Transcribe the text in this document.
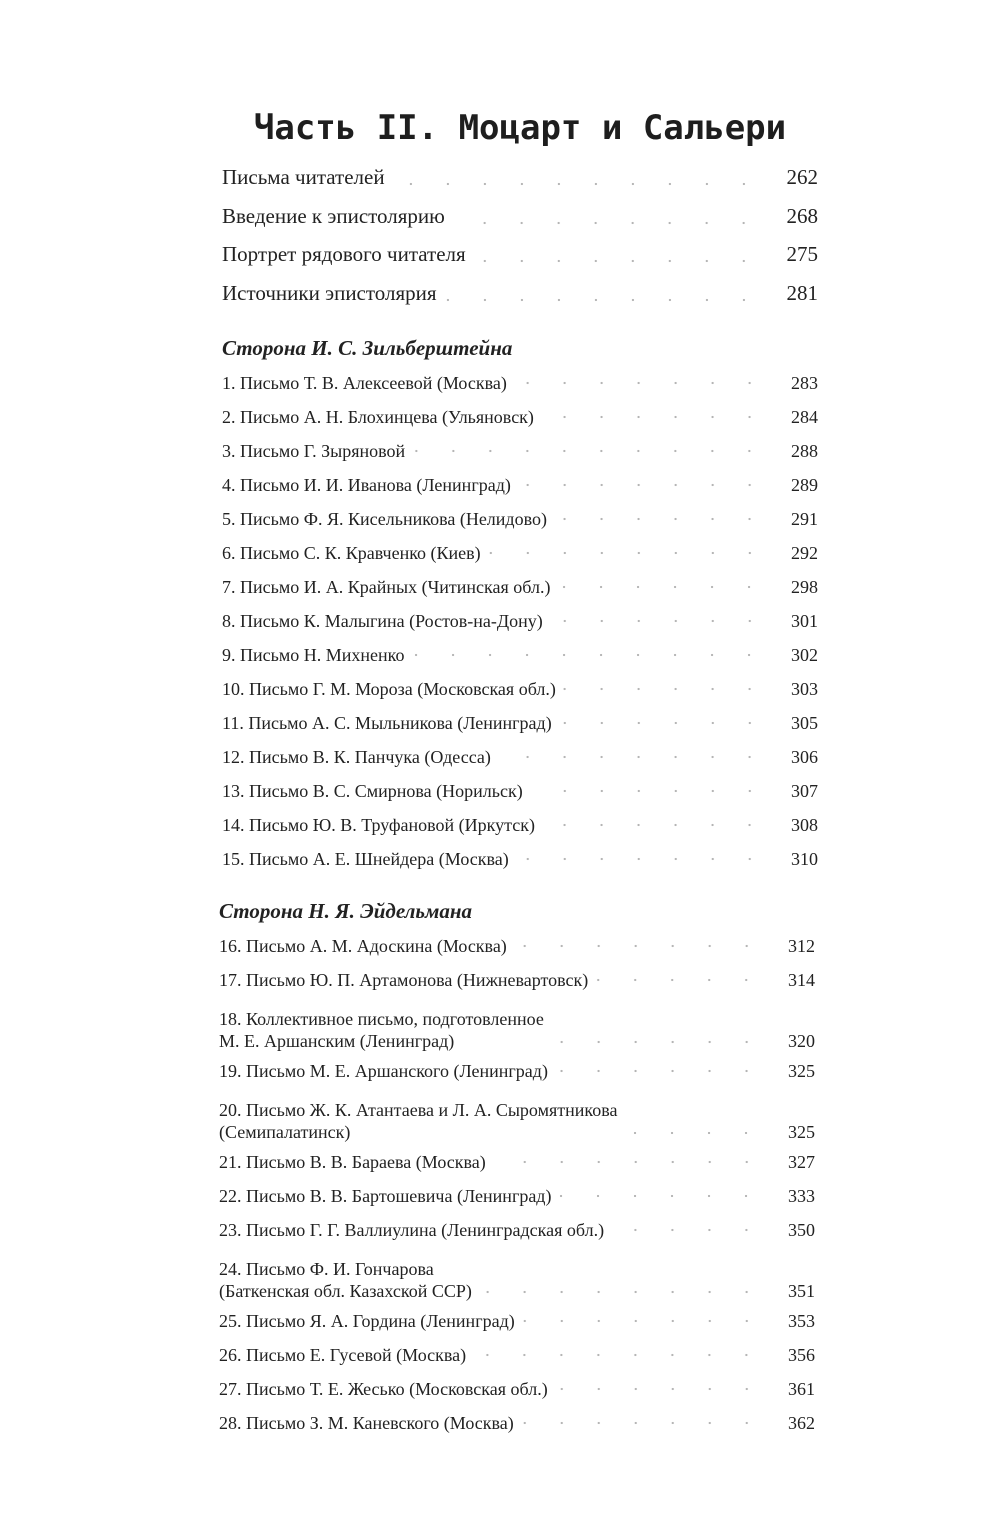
Часть II. Моцарт и Сальери
Письма читателей	262
Введение к эпистолярию	268
Портрет рядового читателя	275
Источники эпистолярия	281
Сторона И. С. Зильберштейна
1. Письмо Т. В. Алексеевой (Москва)	283
2. Письмо А. Н. Блохинцева (Ульяновск)	284
3. Письмо Г. Зыряновой	288
4. Письмо И. И. Иванова (Ленинград)	289
5. Письмо Ф. Я. Кисельникова (Нелидово)	291
6. Письмо С. К. Кравченко (Киев)	292
7. Письмо И. А. Крайных (Читинская обл.)	298
8. Письмо К. Малыгина (Ростов-на-Дону)	301
9. Письмо Н. Михненко	302
10. Письмо Г. М. Мороза (Московская обл.)	303
11. Письмо А. С. Мыльникова (Ленинград)	305
12. Письмо В. К. Панчука (Одесса)	306
13. Письмо В. С. Смирнова (Норильск)	307
14. Письмо Ю. В. Труфановой (Иркутск)	308
15. Письмо А. Е. Шнейдера (Москва)	310
Сторона Н. Я. Эйдельмана
16. Письмо А. М. Адоскина (Москва)	312
17. Письмо Ю. П. Артамонова (Нижневартовск)	314
18. Коллективное письмо, подготовленное
М. Е. Аршанским (Ленинград)	320
19. Письмо М. Е. Аршанского (Ленинград)	325
20. Письмо Ж. К. Атантаева и Л. А. Сыромятникова
(Семипалатинск)	325
21. Письмо В. В. Бараева (Москва)	327
22. Письмо В. В. Бартошевича (Ленинград)	333
23. Письмо Г. Г. Валлиулина (Ленинградская обл.)	350
24. Письмо Ф. И. Гончарова
(Баткенская обл. Казахской ССР)	351
25. Письмо Я. А. Гордина (Ленинград)	353
26. Письмо Е. Гусевой (Москва)	356
27. Письмо Т. Е. Жесько (Московская обл.)	361
28. Письмо З. М. Каневского (Москва)	362
